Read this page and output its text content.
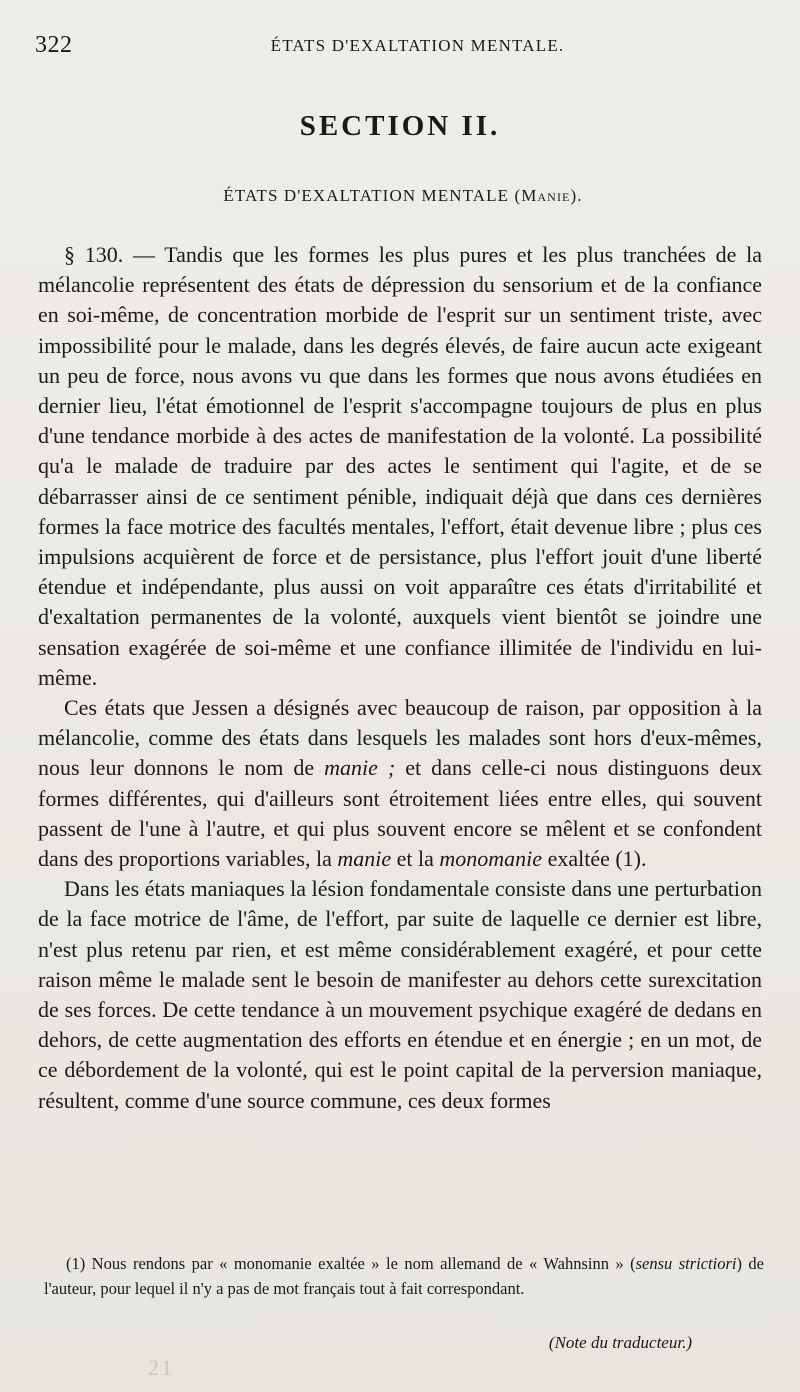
322	ÉTATS D'EXALTATION MENTALE.
SECTION II.
ÉTATS D'EXALTATION MENTALE (Manie).

§ 130. — Tandis que les formes les plus pures et les plus tranchées de la mélancolie représentent des états de dépression du sensorium et de la confiance en soi-même, de concentration morbide de l'esprit sur un sentiment triste, avec impossibilité pour le malade, dans les degrés élevés, de faire aucun acte exigeant un peu de force, nous avons vu que dans les formes que nous avons étudiées en dernier lieu, l'état émotionnel de l'esprit s'accompagne toujours de plus en plus d'une tendance morbide à des actes de manifestation de la volonté. La possibilité qu'a le malade de traduire par des actes le sentiment qui l'agite, et de se débarrasser ainsi de ce sentiment pénible, indiquait déjà que dans ces dernières formes la face motrice des facultés mentales, l'effort, était devenue libre ; plus ces impulsions acquièrent de force et de persistance, plus l'effort jouit d'une liberté étendue et indépendante, plus aussi on voit apparaître ces états d'irritabilité et d'exaltation permanentes de la volonté, auxquels vient bientôt se joindre une sensation exagérée de soi-même et une confiance illimitée de l'individu en lui-même.

Ces états que Jessen a désignés avec beaucoup de raison, par opposition à la mélancolie, comme des états dans lesquels les malades sont hors d'eux-mêmes, nous leur donnons le nom de manie ; et dans celle-ci nous distinguons deux formes différentes, qui d'ailleurs sont étroitement liées entre elles, qui souvent passent de l'une à l'autre, et qui plus souvent encore se mêlent et se confondent dans des proportions variables, la manie et la monomanie exaltée (1).

Dans les états maniaques la lésion fondamentale consiste dans une perturbation de la face motrice de l'âme, de l'effort, par suite de laquelle ce dernier est libre, n'est plus retenu par rien, et est même considérablement exagéré, et pour cette raison même le malade sent le besoin de manifester au dehors cette surexcitation de ses forces. De cette tendance à un mouvement psychique exagéré de dedans en dehors, de cette augmentation des efforts en étendue et en énergie ; en un mot, de ce débordement de la volonté, qui est le point capital de la perversion maniaque, résultent, comme d'une source commune, ces deux formes

(1) Nous rendons par « monomanie exaltée » le nom allemand de « Wahnsinn » (sensu strictiori) de l'auteur, pour lequel il n'y a pas de mot français tout à fait correspondant.

(Note du traducteur.)
21
